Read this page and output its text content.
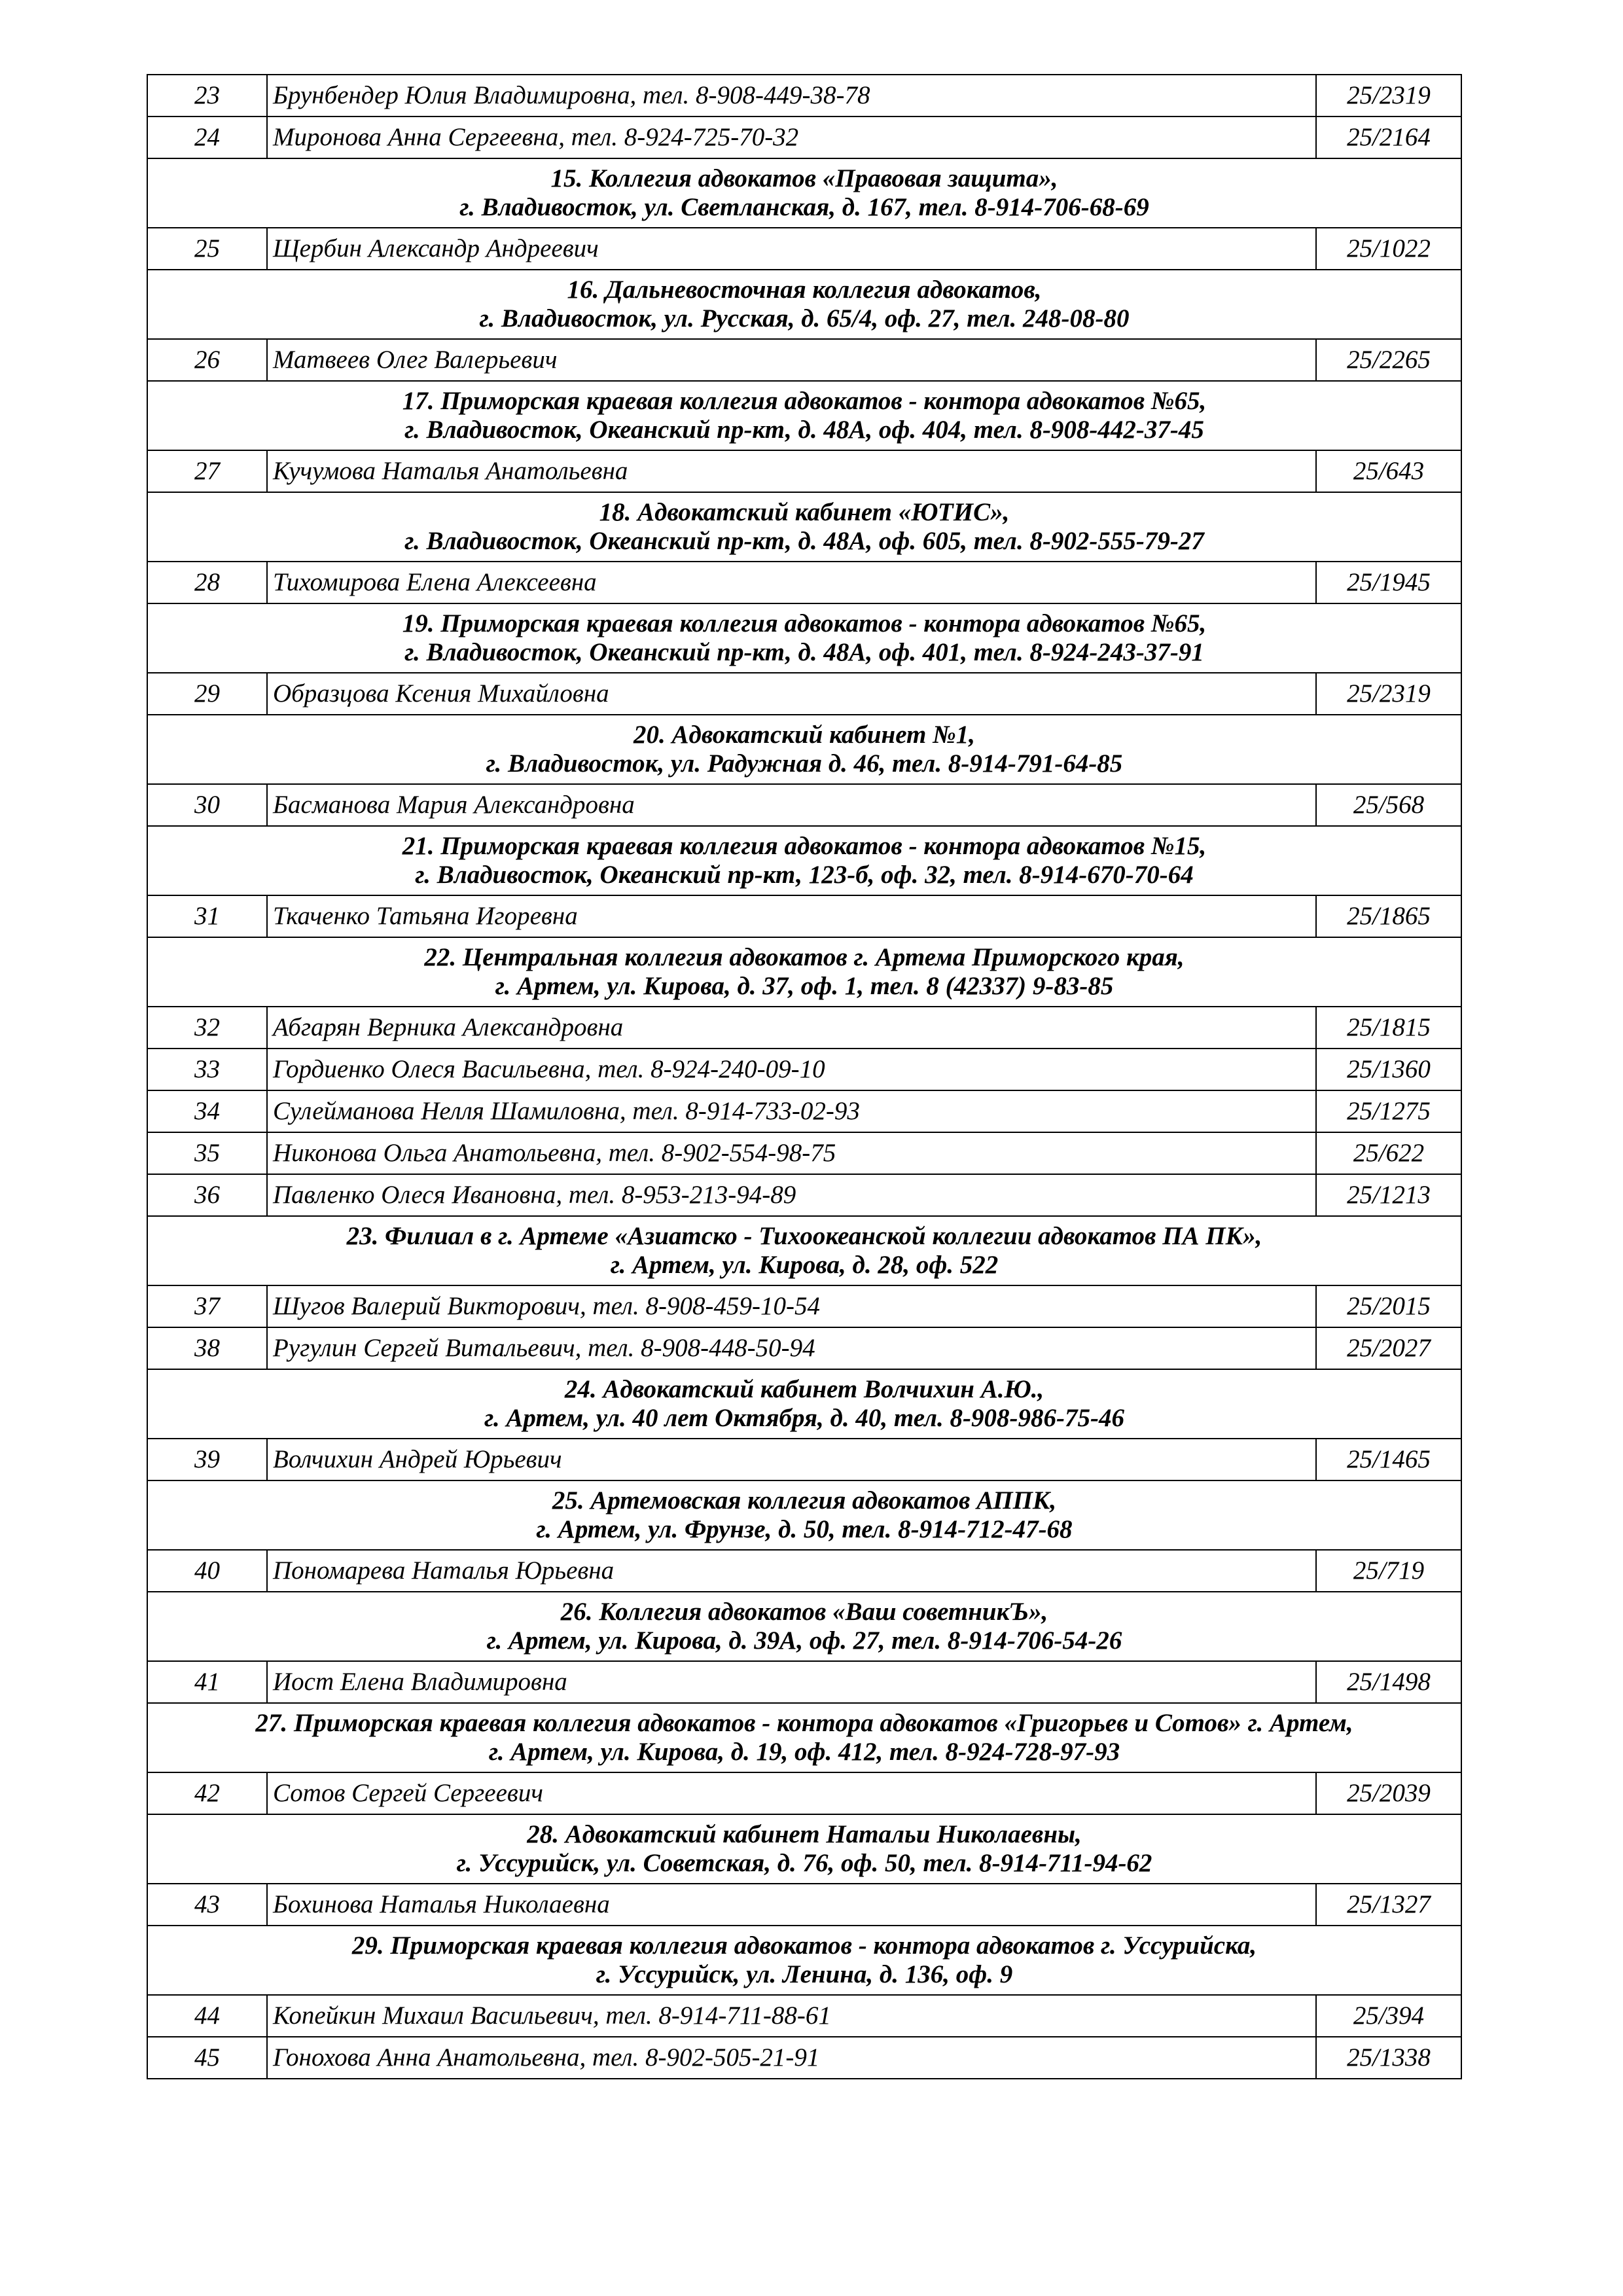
23	Брунбендер Юлия Владимировна, тел. 8-908-449-38-78	25/2319
24	Миронова Анна Сергеевна, тел. 8-924-725-70-32	25/2164

15. Коллегия адвокатов «Правовая защита»,
г. Владивосток, ул. Светланская, д. 167, тел. 8-914-706-68-69		

25	Щербин Александр Андреевич	25/1022

16. Дальневосточная коллегия адвокатов,
г. Владивосток, ул. Русская, д. 65/4, оф. 27, тел. 248-08-80		

26	Матвеев Олег Валерьевич	25/2265

17. Приморская краевая коллегия адвокатов - контора адвокатов №65,
г. Владивосток, Океанский пр-кт, д. 48А, оф. 404, тел. 8-908-442-37-45		

27	Кучумова Наталья Анатольевна	25/643

18. Адвокатский кабинет «ЮТИС»,
г. Владивосток, Океанский пр-кт, д. 48А, оф. 605, тел. 8-902-555-79-27		

28	Тихомирова Елена Алексеевна	25/1945

19. Приморская краевая коллегия адвокатов - контора адвокатов №65,
г. Владивосток, Океанский пр-кт, д. 48А, оф. 401, тел. 8-924-243-37-91		

29	Образцова Ксения Михайловна	25/2319

20. Адвокатский кабинет №1,
г. Владивосток, ул. Радужная д. 46, тел. 8-914-791-64-85		

30	Басманова Мария Александровна	25/568

21. Приморская краевая коллегия адвокатов - контора адвокатов №15,
г. Владивосток, Океанский пр-кт, 123-б, оф. 32, тел. 8-914-670-70-64		

31	Ткаченко Татьяна Игоревна	25/1865

22. Центральная коллегия адвокатов г. Артема Приморского края,
г. Артем, ул. Кирова, д. 37, оф. 1, тел. 8 (42337) 9-83-85		

32	Абгарян Верника Александровна	25/1815
33	Гордиенко Олеся Васильевна, тел. 8-924-240-09-10	25/1360
34	Сулейманова Нелля Шамиловна, тел. 8-914-733-02-93	25/1275
35	Никонова Ольга Анатольевна, тел. 8-902-554-98-75	25/622
36	Павленко Олеся Ивановна, тел. 8-953-213-94-89	25/1213

23. Филиал в г. Артеме «Азиатско - Тихоокеанской коллегии адвокатов ПА ПК»,
г. Артем, ул. Кирова, д. 28, оф. 522		

37	Шугов Валерий Викторович, тел. 8-908-459-10-54	25/2015
38	Ругулин Сергей Витальевич, тел. 8-908-448-50-94	25/2027

24. Адвокатский кабинет Волчихин А.Ю.,
г. Артем, ул. 40 лет Октября, д. 40, тел. 8-908-986-75-46		

39	Волчихин Андрей Юрьевич	25/1465

25. Артемовская коллегия адвокатов АППК,
г. Артем, ул. Фрунзе, д. 50, тел. 8-914-712-47-68		

40	Пономарева Наталья Юрьевна	25/719

26. Коллегия адвокатов «Ваш советникЪ»,
г. Артем, ул. Кирова, д. 39А, оф. 27, тел. 8-914-706-54-26		

41	Иост Елена Владимировна	25/1498

27. Приморская краевая коллегия адвокатов - контора адвокатов «Григорьев и Сотов» г. Артем,
г. Артем, ул. Кирова, д. 19, оф. 412, тел. 8-924-728-97-93		

42	Сотов Сергей Сергеевич	25/2039

28. Адвокатский кабинет Натальи Николаевны,
г. Уссурийск, ул. Советская, д. 76, оф. 50, тел. 8-914-711-94-62		

43	Бохинова Наталья Николаевна	25/1327

29. Приморская краевая коллегия адвокатов - контора адвокатов г. Уссурийска,
г. Уссурийск, ул. Ленина, д. 136, оф. 9		

44	Копейкин Михаил Васильевич, тел. 8-914-711-88-61	25/394
45	Гонохова Анна Анатольевна, тел. 8-902-505-21-91	25/1338
